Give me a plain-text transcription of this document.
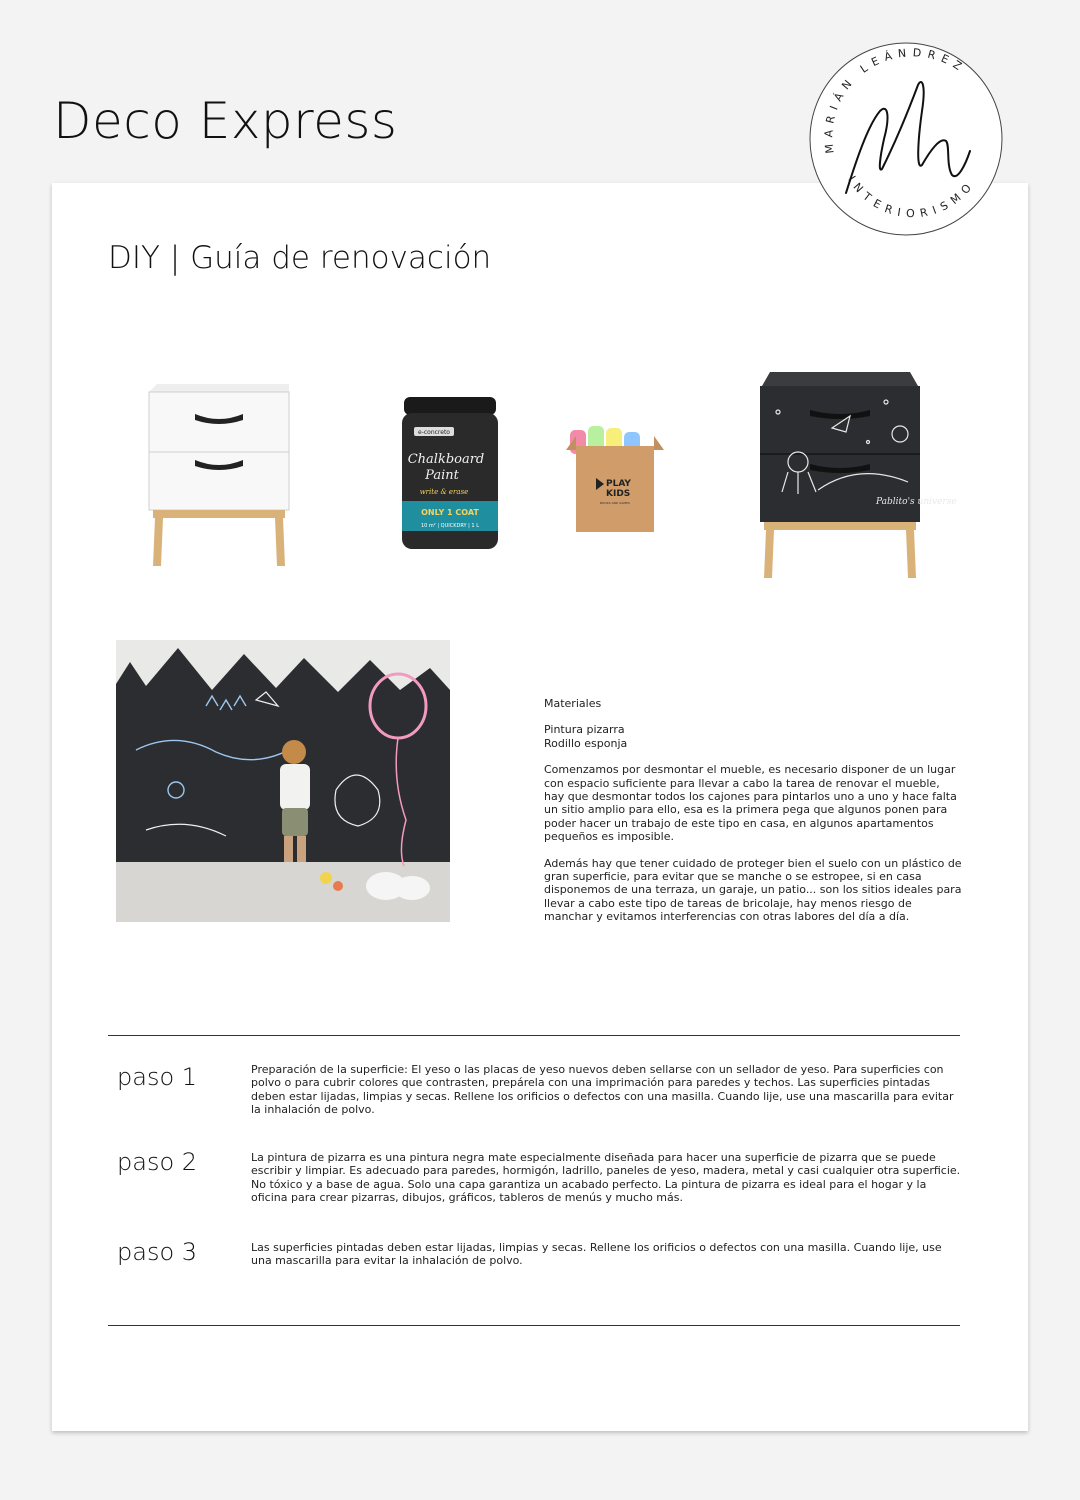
Deco Express	MARIÁN LEÁNDREZ
INTERIORISMO
DIY | Guía de renovación
e-concreto
Chalkboard
Paint
write & erase
ONLY 1 COAT
10 m² | QUICKDRY | 1 L
PLAY
KIDS
BOOKS AND GAMES	Pablito's universe

Materiales

Pintura pizarra
Rodillo esponja

Comenzamos por desmontar el mueble, es necesario disponer de un lugar con espacio suficiente para llevar a cabo la tarea de renovar el mueble, hay que desmontar todos los cajones para pintarlos uno a uno y hace falta un sitio amplio para ello, esa es la primera pega que algunos ponen para poder hacer un trabajo de este tipo en casa, en algunos apartamentos pequeños es imposible.

Además hay que tener cuidado de proteger bien el suelo con un plástico de gran superficie, para evitar que se manche o se estropee, si en casa disponemos de una terraza, un garaje, un patio... son los sitios ideales para llevar a cabo este tipo de tareas de bricolaje, hay menos riesgo de manchar y evitamos interferencias con otras labores del día a día.

paso 1	Preparación de la superficie: El yeso o las placas de yeso nuevos deben sellarse con un sellador de yeso. Para superficies con polvo o para cubrir colores que contrasten, prepárela con una imprimación para paredes y techos. Las superficies pintadas deben estar lijadas, limpias y secas. Rellene los orificios o defectos con una masilla. Cuando lije, use una mascarilla para evitar la inhalación de polvo.
paso 2	La pintura de pizarra es una pintura negra mate especialmente diseñada para hacer una superficie de pizarra que se puede escribir y limpiar. Es adecuado para paredes, hormigón, ladrillo, paneles de yeso, madera, metal y casi cualquier otra superficie. No tóxico y a base de agua. Solo una capa garantiza un acabado perfecto. La pintura de pizarra es ideal para el hogar y la oficina para crear pizarras, dibujos, gráficos, tableros de menús y mucho más.
paso 3	Las superficies pintadas deben estar lijadas, limpias y secas. Rellene los orificios o defectos con una masilla. Cuando lije, use una mascarilla para evitar la inhalación de polvo.
